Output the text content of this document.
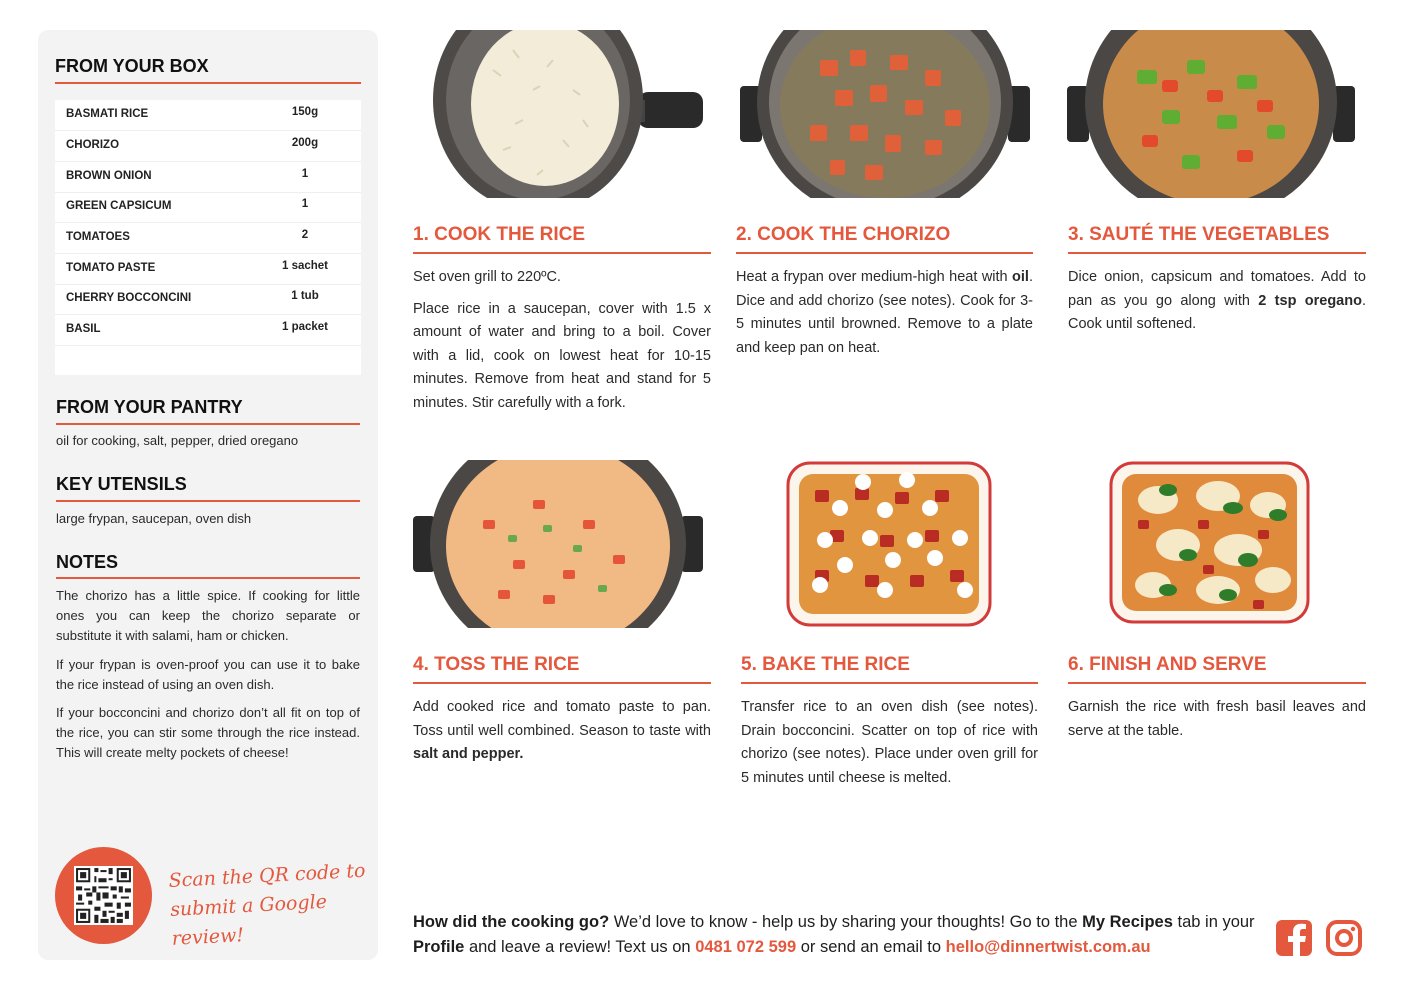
FROM YOUR BOX
BASMATI RICE	150g
CHORIZO	200g
BROWN ONION	1
GREEN CAPSICUM	1
TOMATOES	2
TOMATO PASTE	1 sachet
CHERRY BOCCONCINI	1 tub
BASIL	1 packet
FROM YOUR PANTRY
oil for cooking, salt, pepper, dried oregano
KEY UTENSILS
large frypan, saucepan, oven dish
NOTES
The chorizo has a little spice. If cooking for little ones you can keep the chorizo separate or substitute it with salami, ham or chicken.
If your frypan is oven-proof you can use it to bake the rice instead of using an oven dish.
If your bocconcini and chorizo don’t all fit on top of the rice, you can stir some through the rice instead. This will create melty pockets of cheese!
Scan the QR code to
submit a Google review!
1. COOK THE RICE

Set oven grill to 220ºC.

Place rice in a saucepan, cover with 1.5 x amount of water and bring to a boil. Cover with a lid, cook on lowest heat for 10-15 minutes. Remove from heat and stand for 5 minutes. Stir carefully with a fork.

2. COOK THE CHORIZO
Heat a frypan over medium-high heat with oil. Dice and add chorizo (see notes). Cook for 3-5 minutes until browned. Remove to a plate and keep pan on heat.
3. SAUTÉ THE VEGETABLES
Dice onion, capsicum and tomatoes. Add to pan as you go along with 2 tsp oregano. Cook until softened.
4. TOSS THE RICE
Add cooked rice and tomato paste to pan. Toss until well combined. Season to taste with salt and pepper.
5. BAKE THE RICE
Transfer rice to an oven dish (see notes). Drain bocconcini. Scatter on top of rice with chorizo (see notes). Place under oven grill for 5 minutes until cheese is melted.
6. FINISH AND SERVE
Garnish the rice with fresh basil leaves and serve at the table.
How did the cooking go? We’d love to know - help us by sharing your thoughts! Go to the My Recipes tab in your Profile and leave a review! Text us on 0481 072 599 or send an email to hello@dinnertwist.com.au
